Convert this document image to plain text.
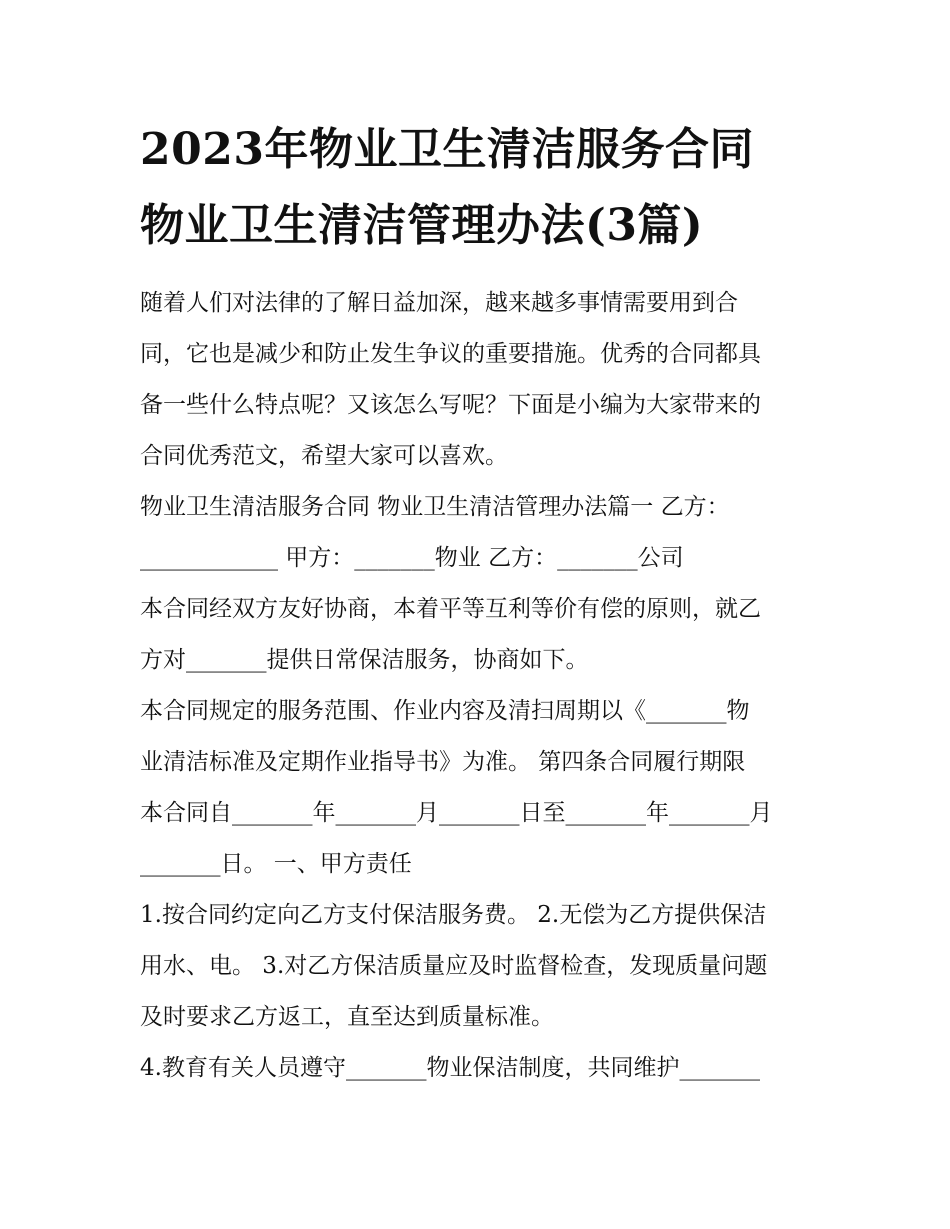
2023年物业卫生清洁服务合同
物业卫生清洁管理办法(3篇)

随着人们对法律的了解日益加深，越来越多事情需要用到合
同，它也是减少和防止发生争议的重要措施。优秀的合同都具
备一些什么特点呢？又该怎么写呢？下面是小编为大家带来的
合同优秀范文，希望大家可以喜欢。

物业卫生清洁服务合同 物业卫生清洁管理办法篇一 乙方：
____________ 甲方：_______物业 乙方：_______公司

本合同经双方友好协商，本着平等互利等价有偿的原则，就乙
方对_______提供日常保洁服务，协商如下。

本合同规定的服务范围、作业内容及清扫周期以《_______物
业清洁标准及定期作业指导书》为准。 第四条合同履行期限
本合同自_______年_______月_______日至_______年_______月
_______日。 一、甲方责任

1.按合同约定向乙方支付保洁服务费。 2.无偿为乙方提供保洁
用水、电。 3.对乙方保洁质量应及时监督检查，发现质量问题
及时要求乙方返工，直至达到质量标准。

4.教育有关人员遵守_______物业保洁制度，共同维护_______
